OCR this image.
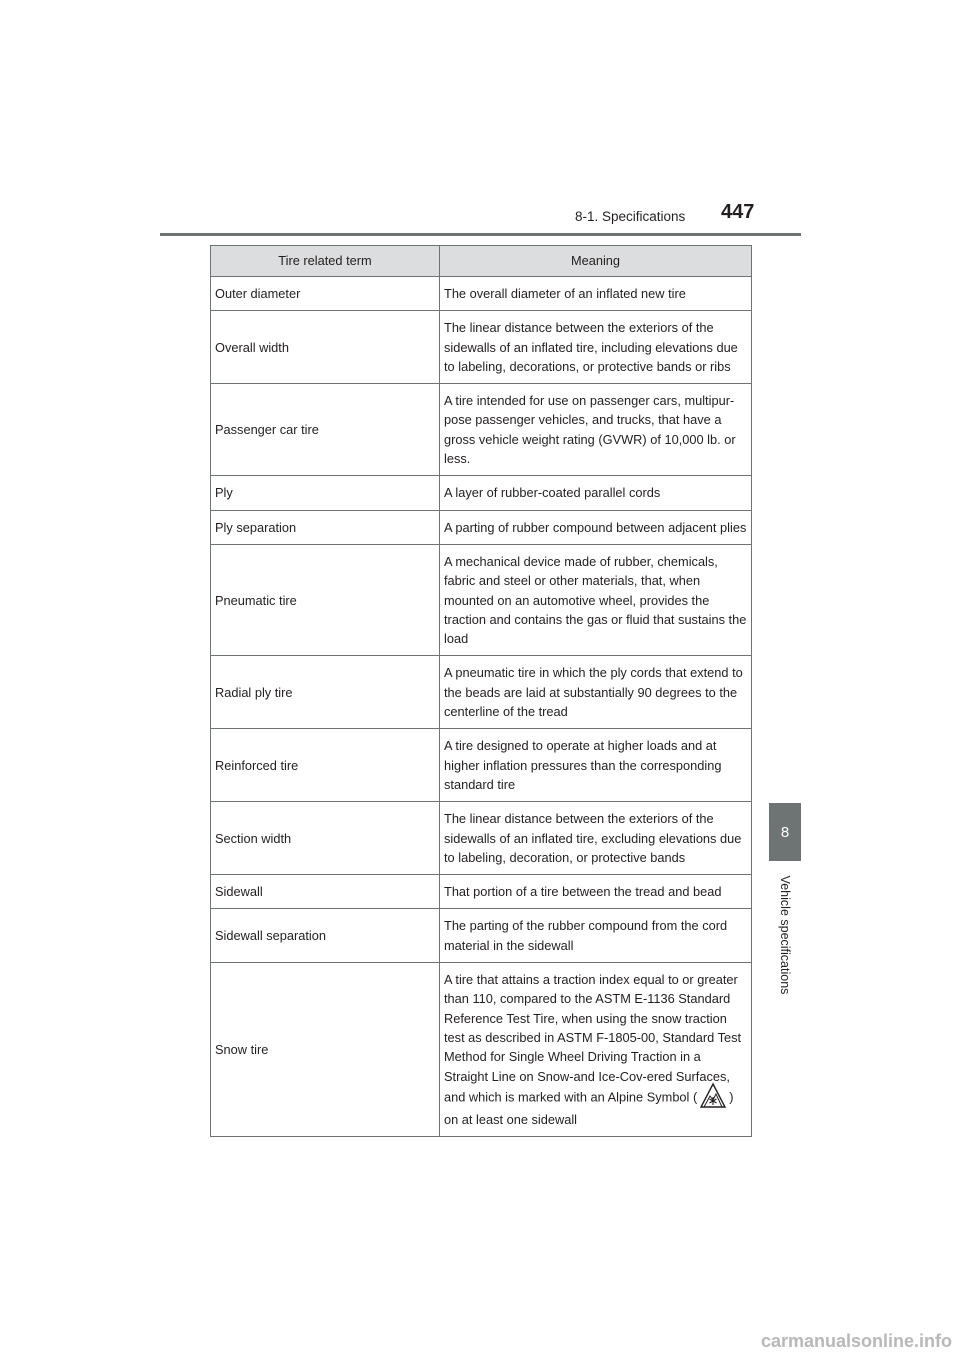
8-1. Specifications 447
8
Vehicle specifications
Tire related term	Meaning
Outer diameter	The overall diameter of an inflated new tire
Overall width	The linear distance between the exteriors of the sidewalls of an inflated tire, including elevations due to labeling, decorations, or protective bands or ribs
Passenger car tire	A tire intended for use on passenger cars, multipur-pose passenger vehicles, and trucks, that have a gross vehicle weight rating (GVWR) of 10,000 lb. or less.
Ply	A layer of rubber-coated parallel cords
Ply separation	A parting of rubber compound between adjacent plies
Pneumatic tire	A mechanical device made of rubber, chemicals, fabric and steel or other materials, that, when mounted on an automotive wheel, provides the traction and contains the gas or fluid that sustains the load
Radial ply tire	A pneumatic tire in which the ply cords that extend to the beads are laid at substantially 90 degrees to the centerline of the tread
Reinforced tire	A tire designed to operate at higher loads and at higher inflation pressures than the corresponding standard tire
Section width	The linear distance between the exteriors of the sidewalls of an inflated tire, excluding elevations due to labeling, decoration, or protective bands
Sidewall	That portion of a tire between the tread and bead
Sidewall separation	The parting of the rubber compound from the cord material in the sidewall
Snow tire	A tire that attains a traction index equal to or greater than 110, compared to the ASTM E-1136 Standard Reference Test Tire, when using the snow traction test as described in ASTM F-1805-00, Standard Test Method for Single Wheel Driving Traction in a Straight Line on Snow-and Ice-Cov-ered Surfaces, and which is marked with an Alpine Symbol ( ) on at least one sidewall
carmanualsonline.info
